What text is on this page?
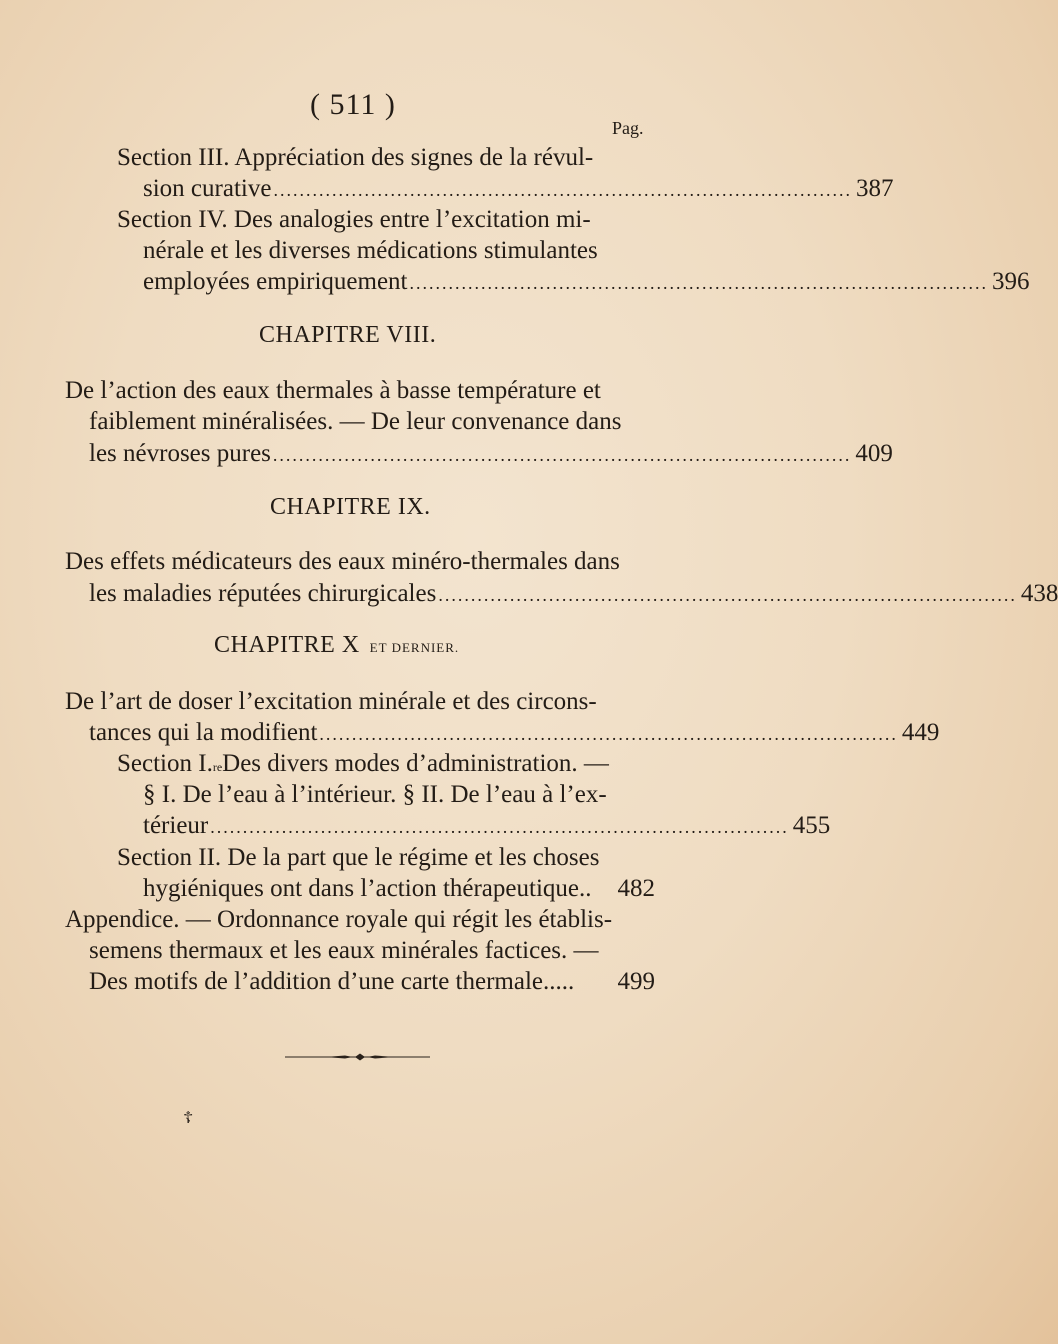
( 511 )
Pag.
Section III. Appréciation des signes de la révul-
sion curative ......................................................................................... 387
Section IV. Des analogies entre l’excitation mi-
nérale et les diverses médications stimulantes
employées empiriquement ......................................................................................... 396
CHAPITRE VIII.
De l’action des eaux thermales à basse température et
faiblement minéralisées. — De leur convenance dans
les névroses pures ......................................................................................... 409
CHAPITRE IX.
Des effets médicateurs des eaux minéro-thermales dans
les maladies réputées chirurgicales ......................................................................................... 438
CHAPITRE X ET DERNIER.
De l’art de doser l’excitation minérale et des circons-
tances qui la modifient ......................................................................................... 449
Section I. re Des divers modes d’administration. —
§ I. De l’eau à l’intérieur. § II. De l’eau à l’ex-
térieur ......................................................................................... 455
Section II. De la part que le régime et les choses
hygiéniques ont dans l’action thérapeutique.. 482
Appendice. — Ordonnance royale qui régit les établis-
semens thermaux et les eaux minérales factices. —
Des motifs de l’addition d’une carte thermale..... 499
☦
